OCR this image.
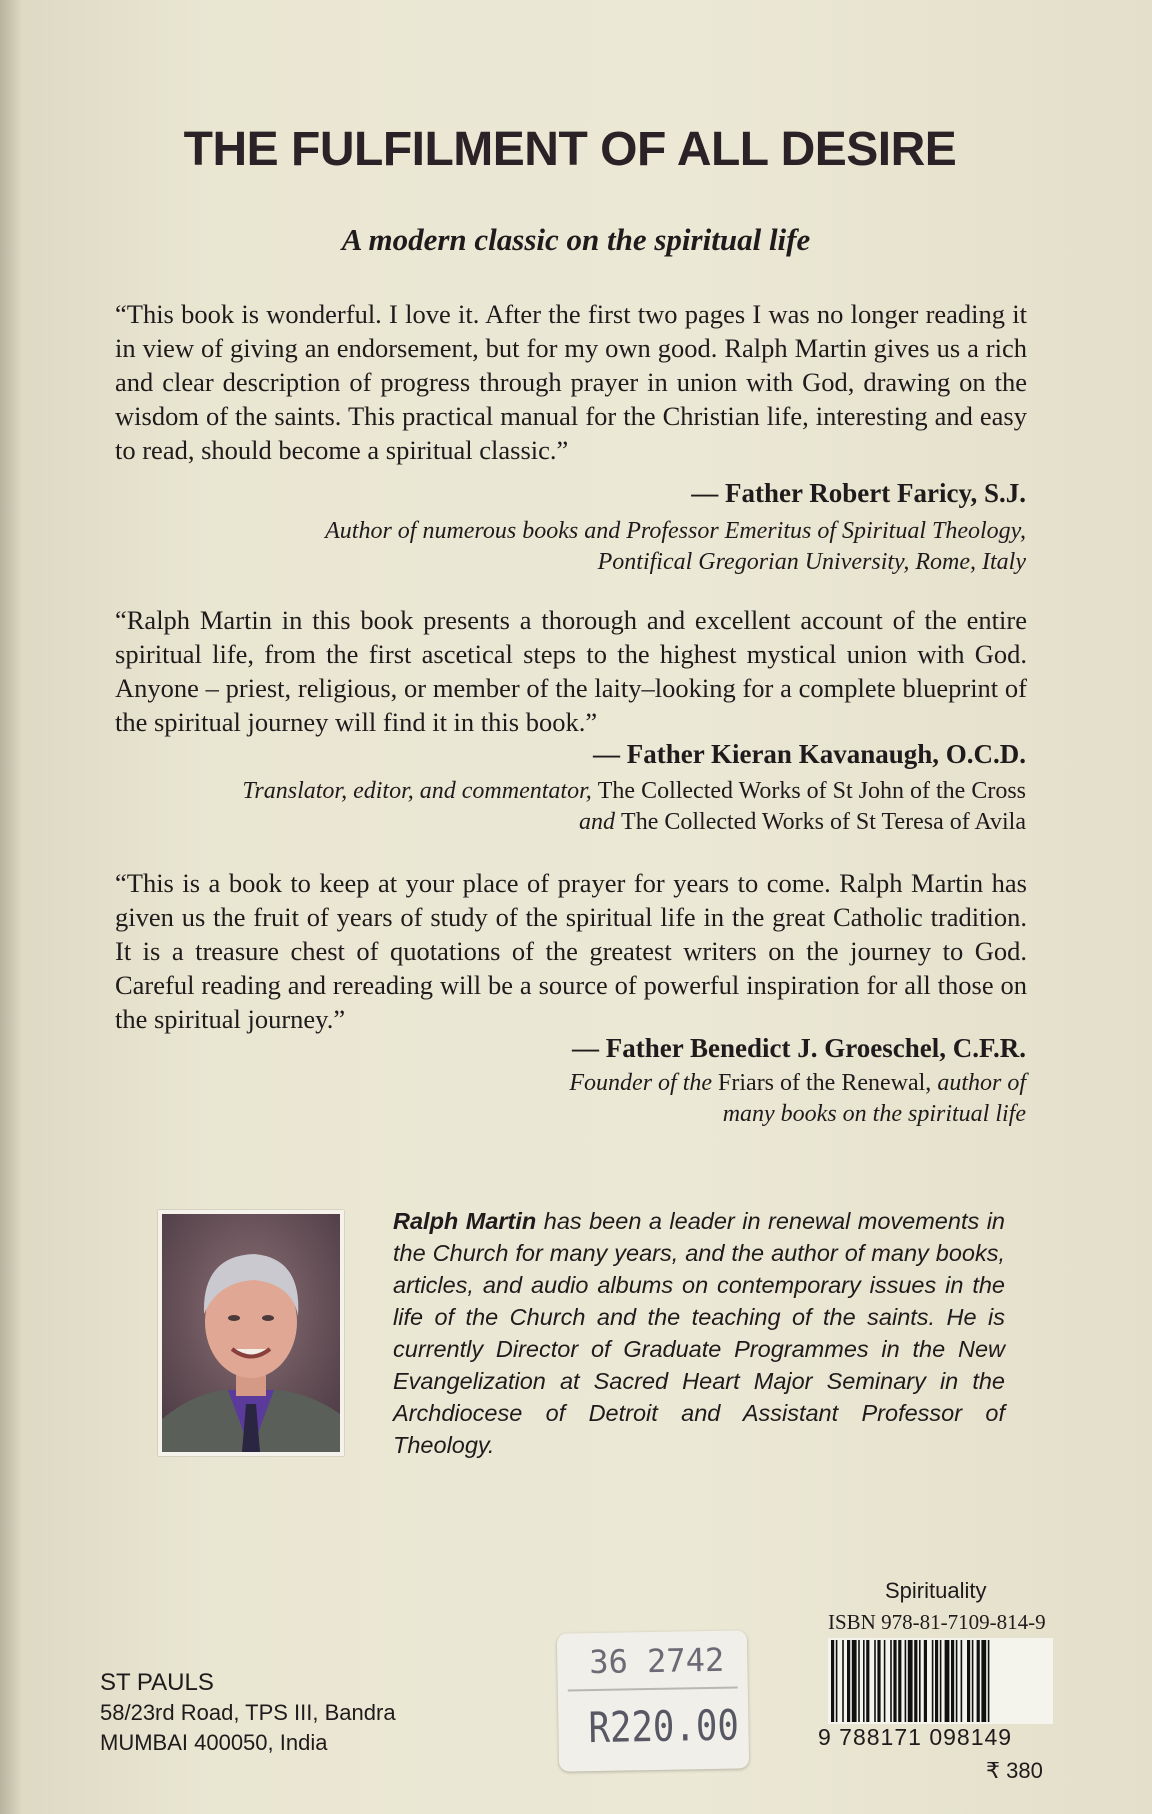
THE FULFILMENT OF ALL DESIRE

A modern classic on the spiritual life

“This book is wonderful. I love it. After the first two pages I was no longer reading it in view of giving an endorsement, but for my own good. Ralph Martin gives us a rich and clear description of progress through prayer in union with God, drawing on the wisdom of the saints. This practical manual for the Christian life, interesting and easy to read, should become a spiritual classic.”

— Father Robert Faricy, S.J.

Author of numerous books and Professor Emeritus of Spiritual Theology,
Pontifical Gregorian University, Rome, Italy

“Ralph Martin in this book presents a thorough and excellent account of the entire spiritual life, from the first ascetical steps to the highest mystical union with God. Anyone – priest, religious, or member of the laity–looking for a complete blueprint of the spiritual journey will find it in this book.”

— Father Kieran Kavanaugh, O.C.D.

Translator, editor, and commentator, The Collected Works of St John of the Cross
and The Collected Works of St Teresa of Avila

“This is a book to keep at your place of prayer for years to come. Ralph Martin has given us the fruit of years of study of the spiritual life in the great Catholic tradition. It is a treasure chest of quotations of the greatest writers on the journey to God. Careful reading and rereading will be a source of powerful inspiration for all those on the spiritual journey.”

— Father Benedict J. Groeschel, C.F.R.

Founder of the Friars of the Renewal, author of
many books on the spiritual life

Ralph Martin has been a leader in renewal movements in the Church for many years, and the author of many books, articles, and audio albums on contemporary issues in the life of the Church and the teaching of the saints. He is currently Director of Graduate Programmes in the New Evangelization at Sacred Heart Major Seminary in the Archdiocese of Detroit and Assistant Professor of Theology.

Spirituality

ISBN 978-81-7109-814-9

9 788171 098149

₹ 380

ST PAULS
58/23rd Road, TPS III, Bandra
MUMBAI 400050, India

36 2742

R220.00
